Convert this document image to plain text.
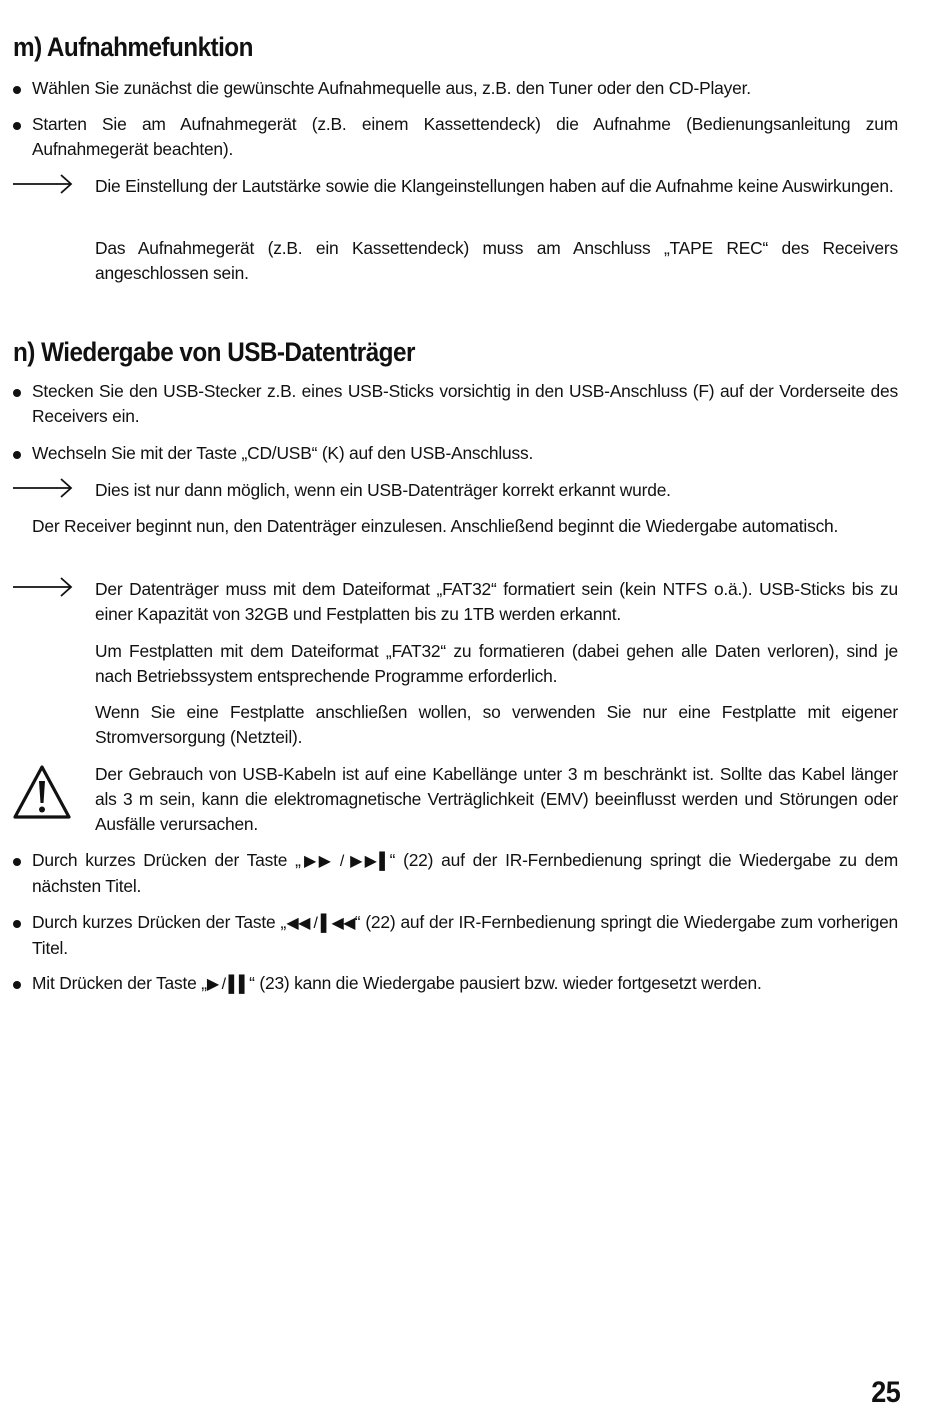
m) Aufnahmefunktion
Wählen Sie zunächst die gewünschte Aufnahmequelle aus, z.B. den Tuner oder den CD-Player.
Starten Sie am Aufnahmegerät (z.B. einem Kassettendeck) die Aufnahme (Bedienungsanleitung zum Aufnahmegerät beachten).
Die Einstellung der Lautstärke sowie die Klangeinstellungen haben auf die Aufnahme keine Auswirkungen.
Das Aufnahmegerät (z.B. ein Kassettendeck) muss am Anschluss „TAPE REC“ des Receivers angeschlossen sein.
n) Wiedergabe von USB-Datenträger
Stecken Sie den USB-Stecker z.B. eines USB-Sticks vorsichtig in den USB-Anschluss (F) auf der Vorderseite des Receivers ein.
Wechseln Sie mit der Taste „CD/USB“ (K) auf den USB-Anschluss.
Dies ist nur dann möglich, wenn ein USB-Datenträger korrekt erkannt wurde.
Der Receiver beginnt nun, den Datenträger einzulesen. Anschließend beginnt die Wiedergabe automatisch.
Der Datenträger muss mit dem Dateiformat „FAT32“ formatiert sein (kein NTFS o.ä.). USB-Sticks bis zu einer Kapazität von 32GB und Festplatten bis zu 1TB werden erkannt.
Um Festplatten mit dem Dateiformat „FAT32“ zu formatieren (dabei gehen alle Daten verloren), sind je nach Betriebssystem entsprechende Programme erforderlich.
Wenn Sie eine Festplatte anschließen wollen, so verwenden Sie nur eine Festplatte mit eigener Stromversorgung (Netzteil).
Der Gebrauch von USB-Kabeln ist auf eine Kabellänge unter 3 m beschränkt ist. Sollte das Kabel länger als 3 m sein, kann die elektromagnetische Verträglichkeit (EMV) beeinflusst werden und Störungen oder Ausfälle verursachen.
Durch kurzes Drücken der Taste „▶▶ / ▶▶▌“ (22) auf der IR-Fernbedienung springt die Wiedergabe zu dem nächsten Titel.
Durch kurzes Drücken der Taste „◀◀ / ▌◀◀“ (22) auf der IR-Fernbedienung springt die Wiedergabe zum vorherigen Titel.
Mit Drücken der Taste „▶ / ▌▌“ (23) kann die Wiedergabe pausiert bzw. wieder fortgesetzt werden.
25
